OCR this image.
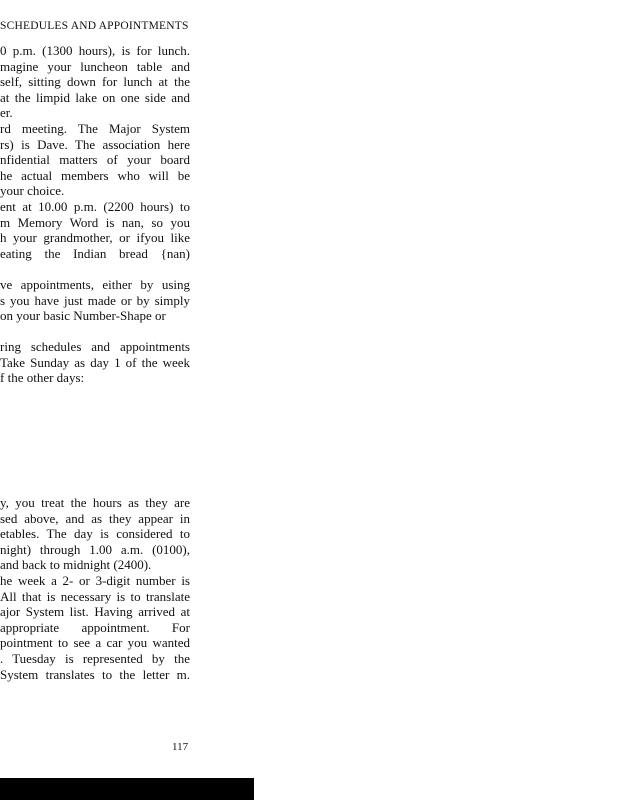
SCHEDULES AND APPOINTMENTS
0 p.m. (1300 hours), is for lunch.
magine your luncheon table and
self, sitting down for lunch at the
at the limpid lake on one side and
er.
rd meeting. The Major System
rs) is Dave. The association here
nfidential matters of your board
he actual members who will be
your choice.
ent at 10.00 p.m. (2200 hours) to
m Memory Word is nan, so you
h your grandmother, or ifyou like
eating the Indian bread {nan)
ve appointments, either by using
s you have just made or by simply
on your basic Number-Shape or
ring schedules and appointments
Take Sunday as day 1 of the week
f the other days:
y, you treat the hours as they are
sed above, and as they appear in
etables. The day is considered to
night) through 1.00 a.m. (0100),
and back to midnight (2400).
he week a 2- or 3-digit number is
All that is necessary is to translate
ajor System list. Having arrived at
appropriate appointment. For
pointment to see a car you wanted
. Tuesday is represented by the
System translates to the letter m.
117
